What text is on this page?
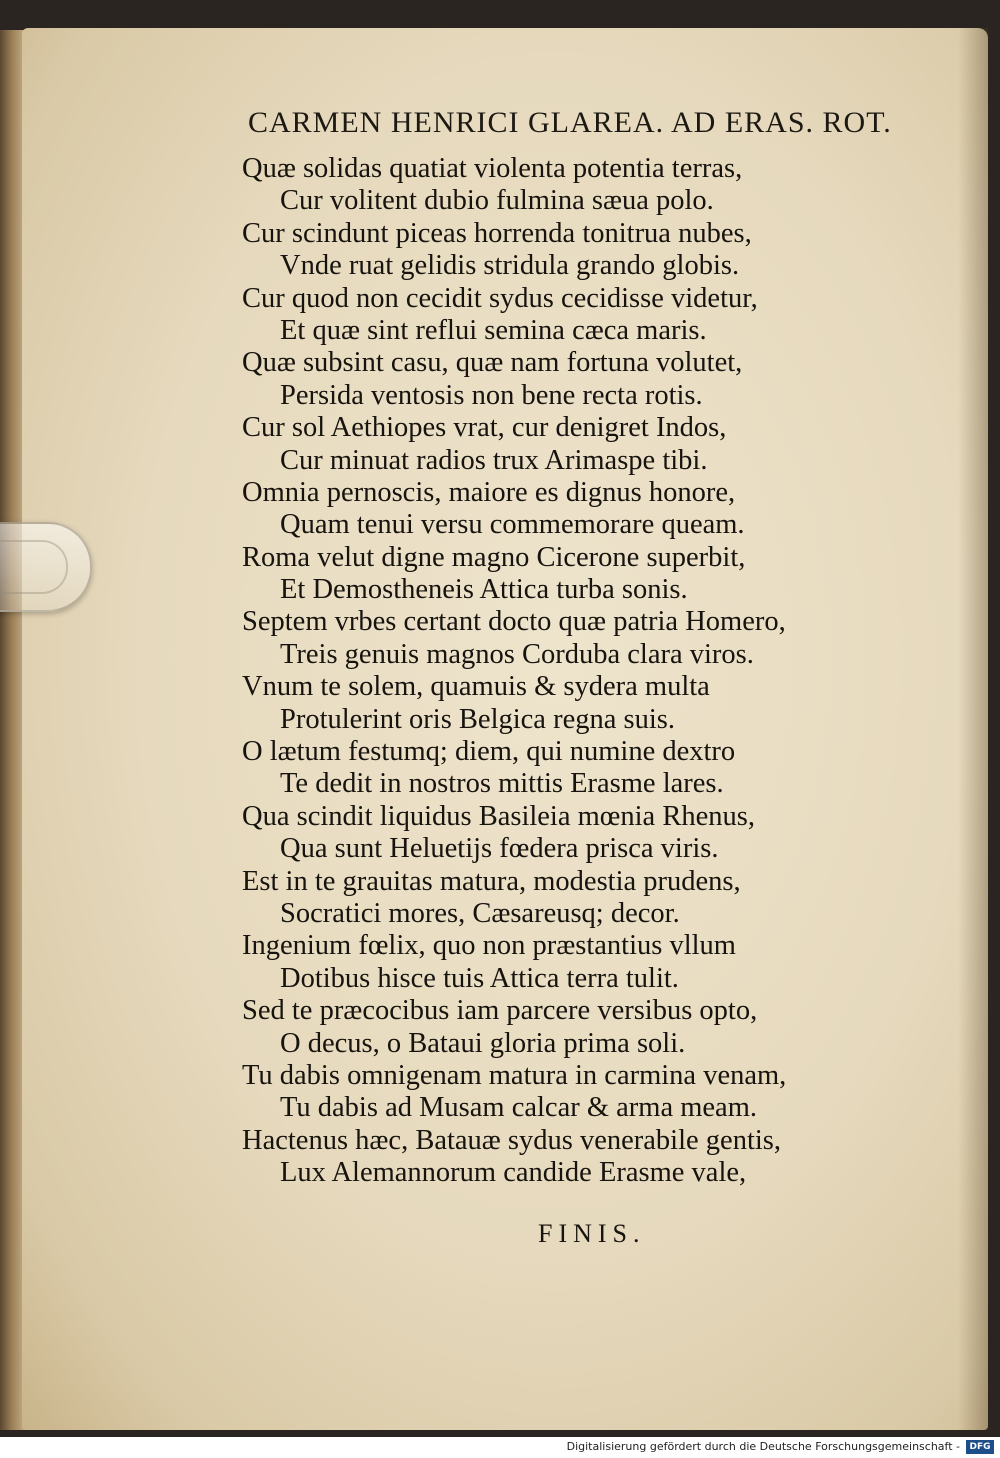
CARMEN HENRICI GLAREA. AD ERAS. ROT.
Quæ solidas quatiat violenta potentia terras,
Cur volitent dubio fulmina sæua polo.
Cur scindunt piceas horrenda tonitrua nubes,
Vnde ruat gelidis stridula grando globis.
Cur quod non cecidit sydus cecidisse videtur,
Et quæ sint reflui semina cæca maris.
Quæ subsint casu, quæ nam fortuna volutet,
Persida ventosis non bene recta rotis.
Cur sol Aethiopes vrat, cur denigret Indos,
Cur minuat radios trux Arimaspe tibi.
Omnia pernoscis, maiore es dignus honore,
Quam tenui versu commemorare queam.
Roma velut digne magno Cicerone superbit,
Et Demostheneis Attica turba sonis.
Septem vrbes certant docto quæ patria Homero,
Treis genuis magnos Corduba clara viros.
Vnum te solem, quamuis & sydera multa
Protulerint oris Belgica regna suis.
O lætum festumq; diem, qui numine dextro
Te dedit in nostros mittis Erasme lares.
Qua scindit liquidus Basileia mœnia Rhenus,
Qua sunt Heluetijs fœdera prisca viris.
Est in te grauitas matura, modestia prudens,
Socratici mores, Cæsareusq; decor.
Ingenium fœlix, quo non præstantius vllum
Dotibus hisce tuis Attica terra tulit.
Sed te præcocibus iam parcere versibus opto,
O decus, o Bataui gloria prima soli.
Tu dabis omnigenam matura in carmina venam,
Tu dabis ad Musam calcar & arma meam.
Hactenus hæc, Batauæ sydus venerabile gentis,
Lux Alemannorum candide Erasme vale,
FINIS.
Digitalisierung gefördert durch die Deutsche Forschungsgemeinschaft -	DFG
